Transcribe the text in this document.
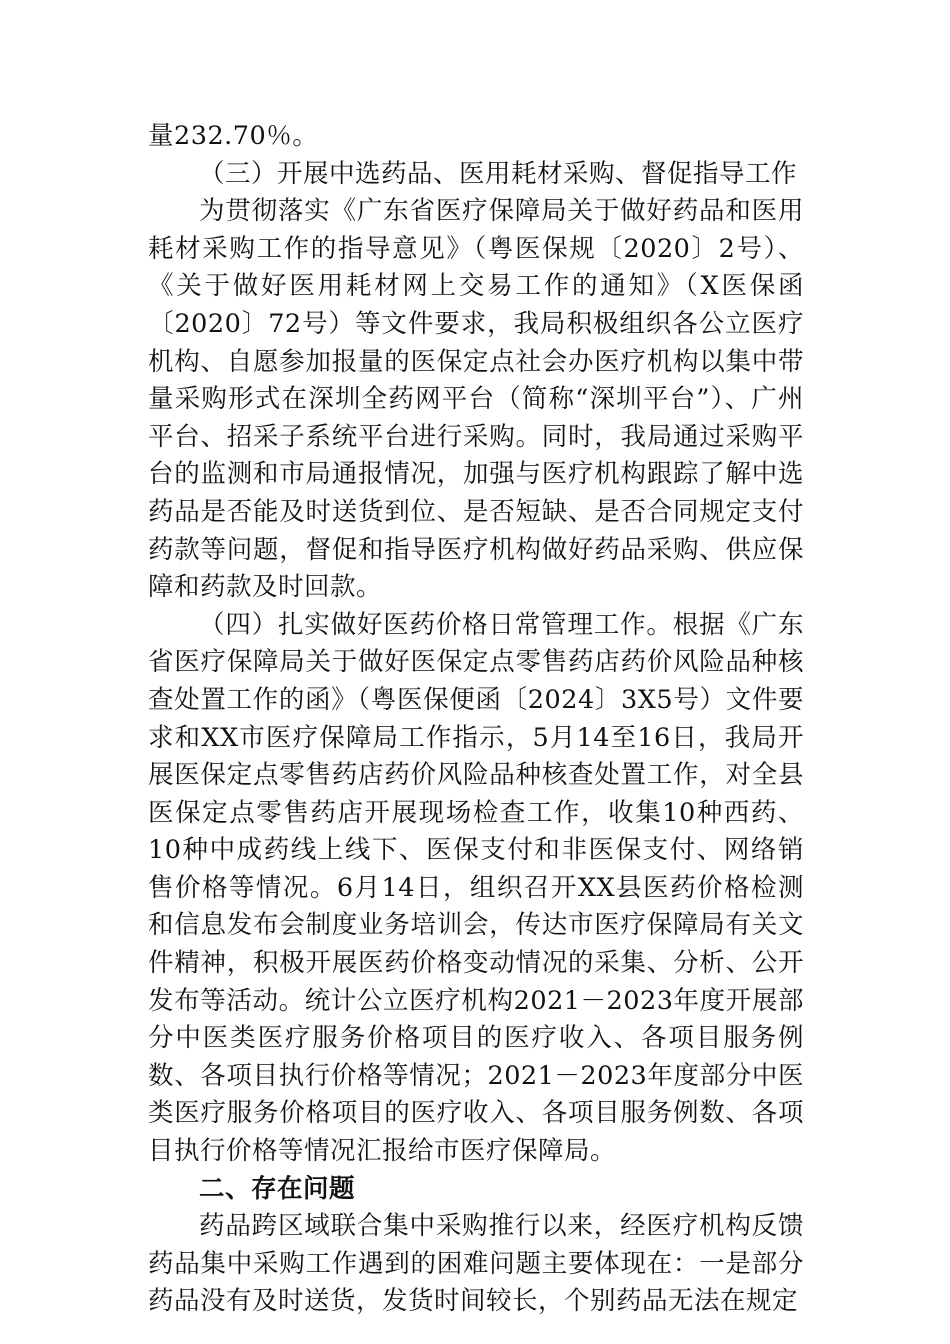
量232.70％。

（三）开展中选药品、医用耗材采购、督促指导工作

为贯彻落实《广东省医疗保障局关于做好药品和医用耗材采购工作的指导意见》（粤医保规〔2020〕2号）、《关于做好医用耗材网上交易工作的通知》（X医保函〔2020〕72号）等文件要求，我局积极组织各公立医疗机构、自愿参加报量的医保定点社会办医疗机构以集中带量采购形式在深圳全药网平台（简称“深圳平台”）、广州平台、招采子系统平台进行采购。同时，我局通过采购平台的监测和市局通报情况，加强与医疗机构跟踪了解中选药品是否能及时送货到位、是否短缺、是否合同规定支付药款等问题，督促和指导医疗机构做好药品采购、供应保障和药款及时回款。

（四）扎实做好医药价格日常管理工作。根据《广东省医疗保障局关于做好医保定点零售药店药价风险品种核查处置工作的函》（粤医保便函〔2024〕3X5号）文件要求和XX市医疗保障局工作指示，5月14至16日，我局开展医保定点零售药店药价风险品种核查处置工作，对全县医保定点零售药店开展现场检查工作，收集10种西药、10种中成药线上线下、医保支付和非医保支付、网络销售价格等情况。6月14日，组织召开XX县医药价格检测和信息发布会制度业务培训会，传达市医疗保障局有关文件精神，积极开展医药价格变动情况的采集、分析、公开发布等活动。统计公立医疗机构2021－2023年度开展部分中医类医疗服务价格项目的医疗收入、各项目服务例数、各项目执行价格等情况；2021－2023年度部分中医类医疗服务价格项目的医疗收入、各项目服务例数、各项目执行价格等情况汇报给市医疗保障局。

二、存在问题

药品跨区域联合集中采购推行以来，经医疗机构反馈药品集中采购工作遇到的困难问题主要体现在：一是部分药品没有及时送货，发货时间较长，个别药品无法在规定
